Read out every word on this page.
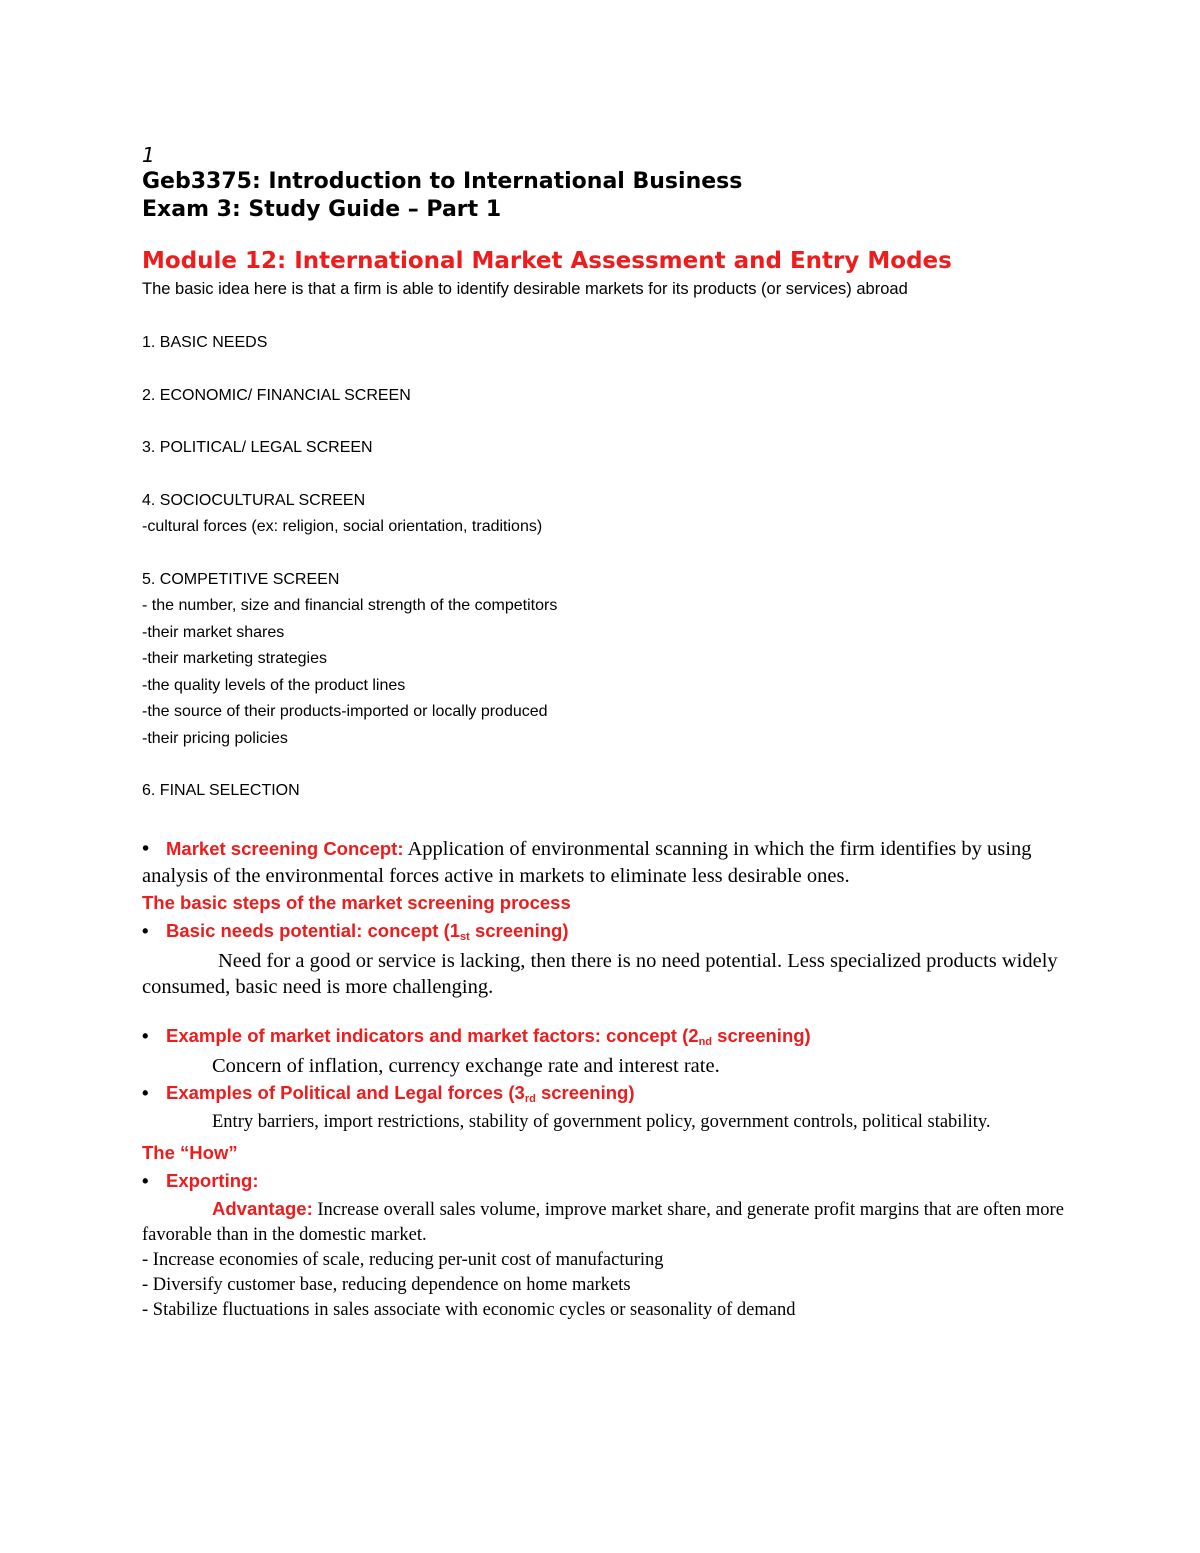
1
Geb3375: Introduction to International Business
Exam 3: Study Guide – Part 1
Module 12: International Market Assessment and Entry Modes
The basic idea here is that a firm is able to identify desirable markets for its products (or services) abroad
1. BASIC NEEDS
2. ECONOMIC/ FINANCIAL SCREEN
3. POLITICAL/ LEGAL SCREEN
4. SOCIOCULTURAL SCREEN
-cultural forces (ex: religion, social orientation, traditions)
5. COMPETITIVE SCREEN
- the number, size and financial strength of the competitors
-their market shares
-their marketing strategies
-the quality levels of the product lines
-the source of their products-imported or locally produced
-their pricing policies
6. FINAL SELECTION
• Market screening Concept: Application of environmental scanning in which the firm identifies by using analysis of the environmental forces active in markets to eliminate less desirable ones.
The basic steps of the market screening process
• Basic needs potential: concept (1st screening)
Need for a good or service is lacking, then there is no need potential. Less specialized products widely consumed, basic need is more challenging.
• Example of market indicators and market factors: concept (2nd screening)
Concern of inflation, currency exchange rate and interest rate.
• Examples of Political and Legal forces (3rd screening)
Entry barriers, import restrictions, stability of government policy, government controls, political stability.
The “How”
• Exporting:
Advantage: Increase overall sales volume, improve market share, and generate profit margins that are often more favorable than in the domestic market.
- Increase economies of scale, reducing per-unit cost of manufacturing
- Diversify customer base, reducing dependence on home markets
- Stabilize fluctuations in sales associate with economic cycles or seasonality of demand
